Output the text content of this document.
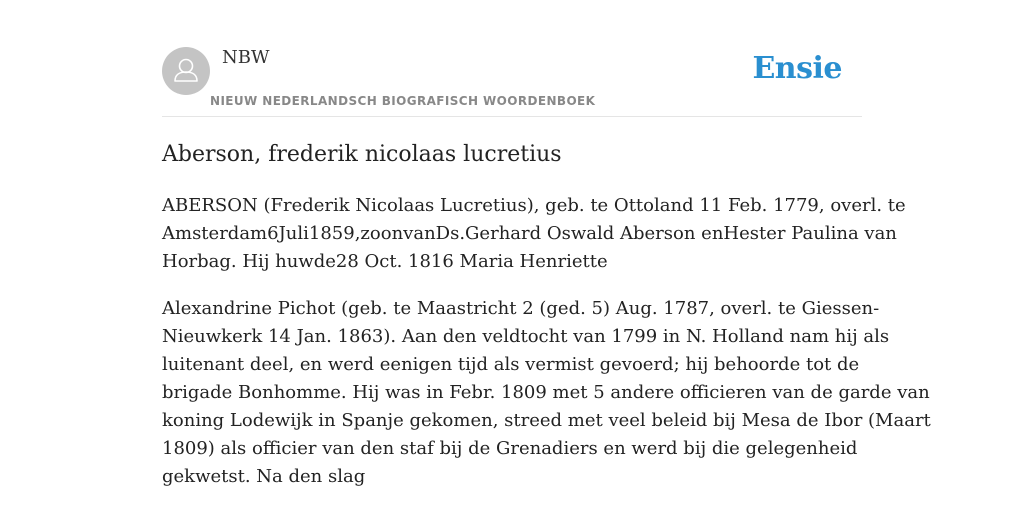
NBW
NIEUW NEDERLANDSCH BIOGRAFISCH WOORDENBOEK
Ensie
Aberson, frederik nicolaas lucretius

ABERSON (Frederik Nicolaas Lucretius), geb. te Ottoland 11 Feb. 1779, overl. te
Amsterdam6Juli1859,zoonvanDs.Gerhard Oswald Aberson enHester Paulina van
Horbag. Hij huwde28 Oct. 1816 Maria Henriette

Alexandrine Pichot (geb. te Maastricht 2 (ged. 5) Aug. 1787, overl. te Giessen-
Nieuwkerk 14 Jan. 1863). Aan den veldtocht van 1799 in N. Holland nam hij als
luitenant deel, en werd eenigen tijd als vermist gevoerd; hij behoorde tot de
brigade Bonhomme. Hij was in Febr. 1809 met 5 andere officieren van de garde van
koning Lodewijk in Spanje gekomen, streed met veel beleid bij Mesa de Ibor (Maart
1809) als officier van den staf bij de Grenadiers en werd bij die gelegenheid
gekwetst. Na den slag
